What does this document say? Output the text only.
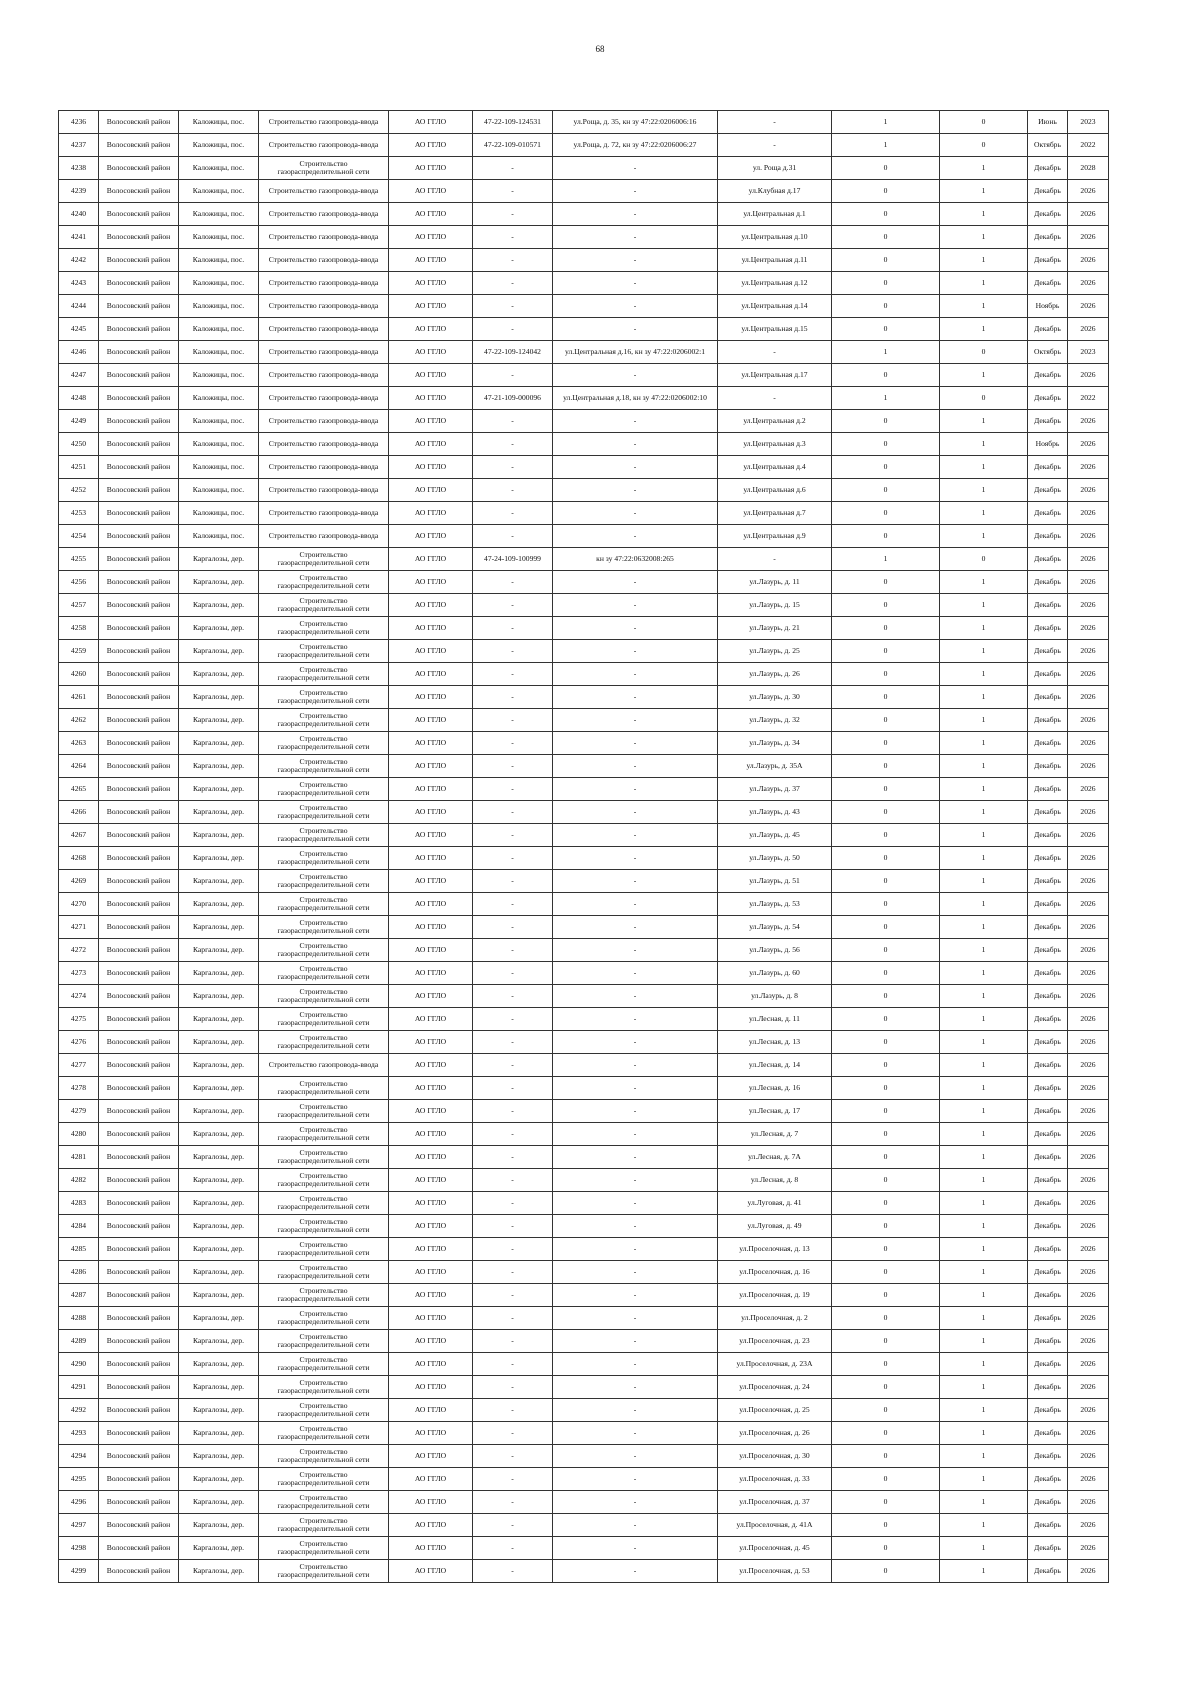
68
4236	Волосовский район	Каложицы, пос.	Строительство газопровода-ввода	АО ГГЛО	47-22-109-124531	ул.Роща, д. 35, кн зу 47:22:0206006:16	-	1	0	Июнь	2023
4237	Волосовский район	Каложицы, пос.	Строительство газопровода-ввода	АО ГГЛО	47-22-109-010571	ул.Роща, д. 72, кн зу 47:22:0206006:27	-	1	0	Октябрь	2022
4238	Волосовский район	Каложицы, пос.	Строительство газораспределительной сети	АО ГГЛО	-	-	ул. Роща д.31	0	1	Декабрь	2028
4239	Волосовский район	Каложицы, пос.	Строительство газопровода-ввода	АО ГГЛО	-	-	ул.Клубная д.17	0	1	Декабрь	2026
4240	Волосовский район	Каложицы, пос.	Строительство газопровода-ввода	АО ГГЛО	-	-	ул.Центральная д.1	0	1	Декабрь	2026
4241	Волосовский район	Каложицы, пос.	Строительство газопровода-ввода	АО ГГЛО	-	-	ул.Центральная д.10	0	1	Декабрь	2026
4242	Волосовский район	Каложицы, пос.	Строительство газопровода-ввода	АО ГГЛО	-	-	ул.Центральная д.11	0	1	Декабрь	2026
4243	Волосовский район	Каложицы, пос.	Строительство газопровода-ввода	АО ГГЛО	-	-	ул.Центральная д.12	0	1	Декабрь	2026
4244	Волосовский район	Каложицы, пос.	Строительство газопровода-ввода	АО ГГЛО	-	-	ул.Центральная д.14	0	1	Ноябрь	2026
4245	Волосовский район	Каложицы, пос.	Строительство газопровода-ввода	АО ГГЛО	-	-	ул.Центральная д.15	0	1	Декабрь	2026
4246	Волосовский район	Каложицы, пос.	Строительство газопровода-ввода	АО ГГЛО	47-22-109-124042	ул.Центральная д.16, кн зу 47:22:0206002:1	-	1	0	Октябрь	2023
4247	Волосовский район	Каложицы, пос.	Строительство газопровода-ввода	АО ГГЛО	-	-	ул.Центральная д.17	0	1	Декабрь	2026
4248	Волосовский район	Каложицы, пос.	Строительство газопровода-ввода	АО ГГЛО	47-21-109-000096	ул.Центральная д.18, кн зу 47:22:0206002:10	-	1	0	Декабрь	2022
4249	Волосовский район	Каложицы, пос.	Строительство газопровода-ввода	АО ГГЛО	-	-	ул.Центральная д.2	0	1	Декабрь	2026
4250	Волосовский район	Каложицы, пос.	Строительство газопровода-ввода	АО ГГЛО	-	-	ул.Центральная д.3	0	1	Ноябрь	2026
4251	Волосовский район	Каложицы, пос.	Строительство газопровода-ввода	АО ГГЛО	-	-	ул.Центральная д.4	0	1	Декабрь	2026
4252	Волосовский район	Каложицы, пос.	Строительство газопровода-ввода	АО ГГЛО	-	-	ул.Центральная д.6	0	1	Декабрь	2026
4253	Волосовский район	Каложицы, пос.	Строительство газопровода-ввода	АО ГГЛО	-	-	ул.Центральная д.7	0	1	Декабрь	2026
4254	Волосовский район	Каложицы, пос.	Строительство газопровода-ввода	АО ГГЛО	-	-	ул.Центральная д.9	0	1	Декабрь	2026
4255	Волосовский район	Каргалозы, дер.	Строительство газораспределительной сети	АО ГГЛО	47-24-109-100999	кн зу 47:22:0632008:265	-	1	0	Декабрь	2026
4256	Волосовский район	Каргалозы, дер.	Строительство газораспределительной сети	АО ГГЛО	-	-	ул.Лазурь, д. 11	0	1	Декабрь	2026
4257	Волосовский район	Каргалозы, дер.	Строительство газораспределительной сети	АО ГГЛО	-	-	ул.Лазурь, д. 15	0	1	Декабрь	2026
4258	Волосовский район	Каргалозы, дер.	Строительство газораспределительной сети	АО ГГЛО	-	-	ул.Лазурь, д. 21	0	1	Декабрь	2026
4259	Волосовский район	Каргалозы, дер.	Строительство газораспределительной сети	АО ГГЛО	-	-	ул.Лазурь, д. 25	0	1	Декабрь	2026
4260	Волосовский район	Каргалозы, дер.	Строительство газораспределительной сети	АО ГГЛО	-	-	ул.Лазурь, д. 26	0	1	Декабрь	2026
4261	Волосовский район	Каргалозы, дер.	Строительство газораспределительной сети	АО ГГЛО	-	-	ул.Лазурь, д. 30	0	1	Декабрь	2026
4262	Волосовский район	Каргалозы, дер.	Строительство газораспределительной сети	АО ГГЛО	-	-	ул.Лазурь, д. 32	0	1	Декабрь	2026
4263	Волосовский район	Каргалозы, дер.	Строительство газораспределительной сети	АО ГГЛО	-	-	ул.Лазурь, д. 34	0	1	Декабрь	2026
4264	Волосовский район	Каргалозы, дер.	Строительство газораспределительной сети	АО ГГЛО	-	-	ул.Лазурь, д. 35А	0	1	Декабрь	2026
4265	Волосовский район	Каргалозы, дер.	Строительство газораспределительной сети	АО ГГЛО	-	-	ул.Лазурь, д. 37	0	1	Декабрь	2026
4266	Волосовский район	Каргалозы, дер.	Строительство газораспределительной сети	АО ГГЛО	-	-	ул.Лазурь, д. 43	0	1	Декабрь	2026
4267	Волосовский район	Каргалозы, дер.	Строительство газораспределительной сети	АО ГГЛО	-	-	ул.Лазурь, д. 45	0	1	Декабрь	2026
4268	Волосовский район	Каргалозы, дер.	Строительство газораспределительной сети	АО ГГЛО	-	-	ул.Лазурь, д. 50	0	1	Декабрь	2026
4269	Волосовский район	Каргалозы, дер.	Строительство газораспределительной сети	АО ГГЛО	-	-	ул.Лазурь, д. 51	0	1	Декабрь	2026
4270	Волосовский район	Каргалозы, дер.	Строительство газораспределительной сети	АО ГГЛО	-	-	ул.Лазурь, д. 53	0	1	Декабрь	2026
4271	Волосовский район	Каргалозы, дер.	Строительство газораспределительной сети	АО ГГЛО	-	-	ул.Лазурь, д. 54	0	1	Декабрь	2026
4272	Волосовский район	Каргалозы, дер.	Строительство газораспределительной сети	АО ГГЛО	-	-	ул.Лазурь, д. 56	0	1	Декабрь	2026
4273	Волосовский район	Каргалозы, дер.	Строительство газораспределительной сети	АО ГГЛО	-	-	ул.Лазурь, д. 60	0	1	Декабрь	2026
4274	Волосовский район	Каргалозы, дер.	Строительство газораспределительной сети	АО ГГЛО	-	-	ул.Лазурь, д. 8	0	1	Декабрь	2026
4275	Волосовский район	Каргалозы, дер.	Строительство газораспределительной сети	АО ГГЛО	-	-	ул.Лесная, д. 11	0	1	Декабрь	2026
4276	Волосовский район	Каргалозы, дер.	Строительство газораспределительной сети	АО ГГЛО	-	-	ул.Лесная, д. 13	0	1	Декабрь	2026
4277	Волосовский район	Каргалозы, дер.	Строительство газопровода-ввода	АО ГГЛО	-	-	ул.Лесная, д. 14	0	1	Декабрь	2026
4278	Волосовский район	Каргалозы, дер.	Строительство газораспределительной сети	АО ГГЛО	-	-	ул.Лесная, д. 16	0	1	Декабрь	2026
4279	Волосовский район	Каргалозы, дер.	Строительство газораспределительной сети	АО ГГЛО	-	-	ул.Лесная, д. 17	0	1	Декабрь	2026
4280	Волосовский район	Каргалозы, дер.	Строительство газораспределительной сети	АО ГГЛО	-	-	ул.Лесная, д. 7	0	1	Декабрь	2026
4281	Волосовский район	Каргалозы, дер.	Строительство газораспределительной сети	АО ГГЛО	-	-	ул.Лесная, д. 7А	0	1	Декабрь	2026
4282	Волосовский район	Каргалозы, дер.	Строительство газораспределительной сети	АО ГГЛО	-	-	ул.Лесная, д. 8	0	1	Декабрь	2026
4283	Волосовский район	Каргалозы, дер.	Строительство газораспределительной сети	АО ГГЛО	-	-	ул.Луговая, д. 41	0	1	Декабрь	2026
4284	Волосовский район	Каргалозы, дер.	Строительство газораспределительной сети	АО ГГЛО	-	-	ул.Луговая, д. 49	0	1	Декабрь	2026
4285	Волосовский район	Каргалозы, дер.	Строительство газораспределительной сети	АО ГГЛО	-	-	ул.Проселочная, д. 13	0	1	Декабрь	2026
4286	Волосовский район	Каргалозы, дер.	Строительство газораспределительной сети	АО ГГЛО	-	-	ул.Проселочная, д. 16	0	1	Декабрь	2026
4287	Волосовский район	Каргалозы, дер.	Строительство газораспределительной сети	АО ГГЛО	-	-	ул.Проселочная, д. 19	0	1	Декабрь	2026
4288	Волосовский район	Каргалозы, дер.	Строительство газораспределительной сети	АО ГГЛО	-	-	ул.Проселочная, д. 2	0	1	Декабрь	2026
4289	Волосовский район	Каргалозы, дер.	Строительство газораспределительной сети	АО ГГЛО	-	-	ул.Проселочная, д. 23	0	1	Декабрь	2026
4290	Волосовский район	Каргалозы, дер.	Строительство газораспределительной сети	АО ГГЛО	-	-	ул.Проселочная, д. 23А	0	1	Декабрь	2026
4291	Волосовский район	Каргалозы, дер.	Строительство газораспределительной сети	АО ГГЛО	-	-	ул.Проселочная, д. 24	0	1	Декабрь	2026
4292	Волосовский район	Каргалозы, дер.	Строительство газораспределительной сети	АО ГГЛО	-	-	ул.Проселочная, д. 25	0	1	Декабрь	2026
4293	Волосовский район	Каргалозы, дер.	Строительство газораспределительной сети	АО ГГЛО	-	-	ул.Проселочная, д. 26	0	1	Декабрь	2026
4294	Волосовский район	Каргалозы, дер.	Строительство газораспределительной сети	АО ГГЛО	-	-	ул.Проселочная, д. 30	0	1	Декабрь	2026
4295	Волосовский район	Каргалозы, дер.	Строительство газораспределительной сети	АО ГГЛО	-	-	ул.Проселочная, д. 33	0	1	Декабрь	2026
4296	Волосовский район	Каргалозы, дер.	Строительство газораспределительной сети	АО ГГЛО	-	-	ул.Проселочная, д. 37	0	1	Декабрь	2026
4297	Волосовский район	Каргалозы, дер.	Строительство газораспределительной сети	АО ГГЛО	-	-	ул.Проселочная, д. 41А	0	1	Декабрь	2026
4298	Волосовский район	Каргалозы, дер.	Строительство газораспределительной сети	АО ГГЛО	-	-	ул.Проселочная, д. 45	0	1	Декабрь	2026
4299	Волосовский район	Каргалозы, дер.	Строительство газораспределительной сети	АО ГГЛО	-	-	ул.Проселочная, д. 53	0	1	Декабрь	2026
